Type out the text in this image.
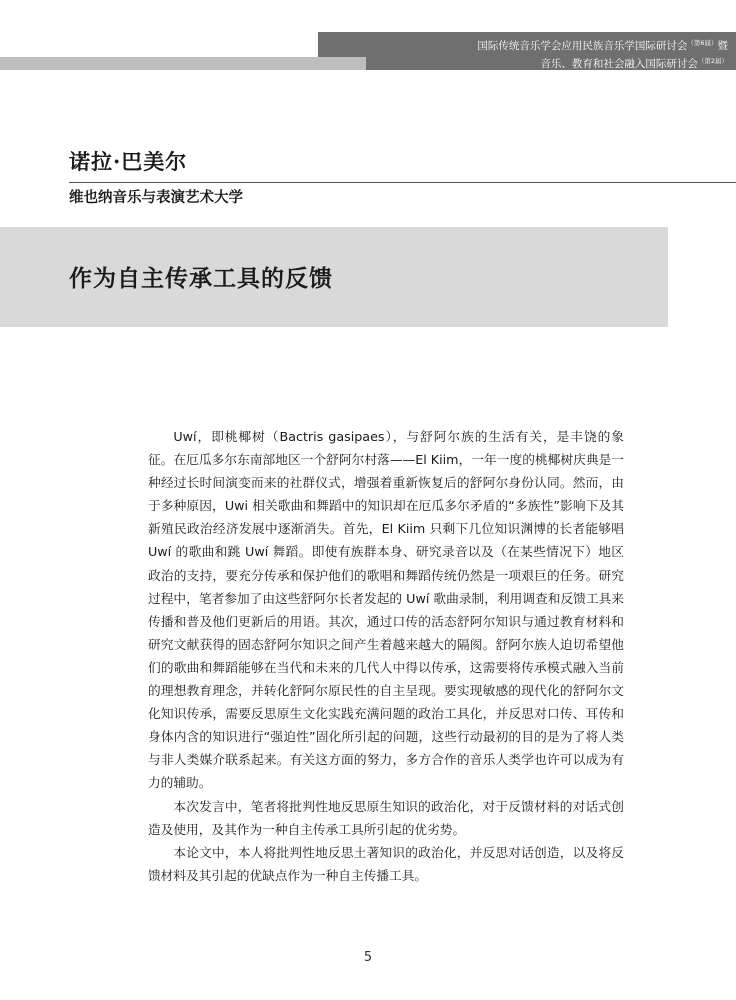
国际传统音乐学会应用民族音乐学国际研讨会$^{(第6届)}$暨
音乐、教育和社会融入国际研讨会$^{(第2届)}$
诺拉·巴美尔
维也纳音乐与表演艺术大学
作为自主传承工具的反馈

Uwí，即桃椰树（Bactris gasipaes），与舒阿尔族的生活有关，是丰饶的象征。在厄瓜多尔东南部地区一个舒阿尔村落——El Kiim，一年一度的桃椰树庆典是一种经过长时间演变而来的社群仪式，增强着重新恢复后的舒阿尔身份认同。然而，由于多种原因，Uwi 相关歌曲和舞蹈中的知识却在厄瓜多尔矛盾的“多族性”影响下及其新殖民政治经济发展中逐渐消失。首先，El Kiim 只剩下几位知识渊博的长者能够唱 Uwí 的歌曲和跳 Uwí 舞蹈。即使有族群本身、研究录音以及（在某些情况下）地区政治的支持，要充分传承和保护他们的歌唱和舞蹈传统仍然是一项艰巨的任务。研究过程中，笔者参加了由这些舒阿尔长者发起的 Uwí 歌曲录制，利用调查和反馈工具来传播和普及他们更新后的用语。其次，通过口传的活态舒阿尔知识与通过教育材料和研究文献获得的固态舒阿尔知识之间产生着越来越大的隔阂。舒阿尔族人迫切希望他们的歌曲和舞蹈能够在当代和未来的几代人中得以传承，这需要将传承模式融入当前的理想教育理念，并转化舒阿尔原民性的自主呈现。要实现敏感的现代化的舒阿尔文化知识传承，需要反思原生文化实践充满问题的政治工具化，并反思对口传、耳传和身体内含的知识进行“强迫性”固化所引起的问题，这些行动最初的目的是为了将人类与非人类媒介联系起来。有关这方面的努力，多方合作的音乐人类学也许可以成为有力的辅助。

本次发言中，笔者将批判性地反思原生知识的政治化，对于反馈材料的对话式创造及使用，及其作为一种自主传承工具所引起的优劣势。

本论文中，本人将批判性地反思土著知识的政治化，并反思对话创造，以及将反馈材料及其引起的优缺点作为一种自主传播工具。

5
